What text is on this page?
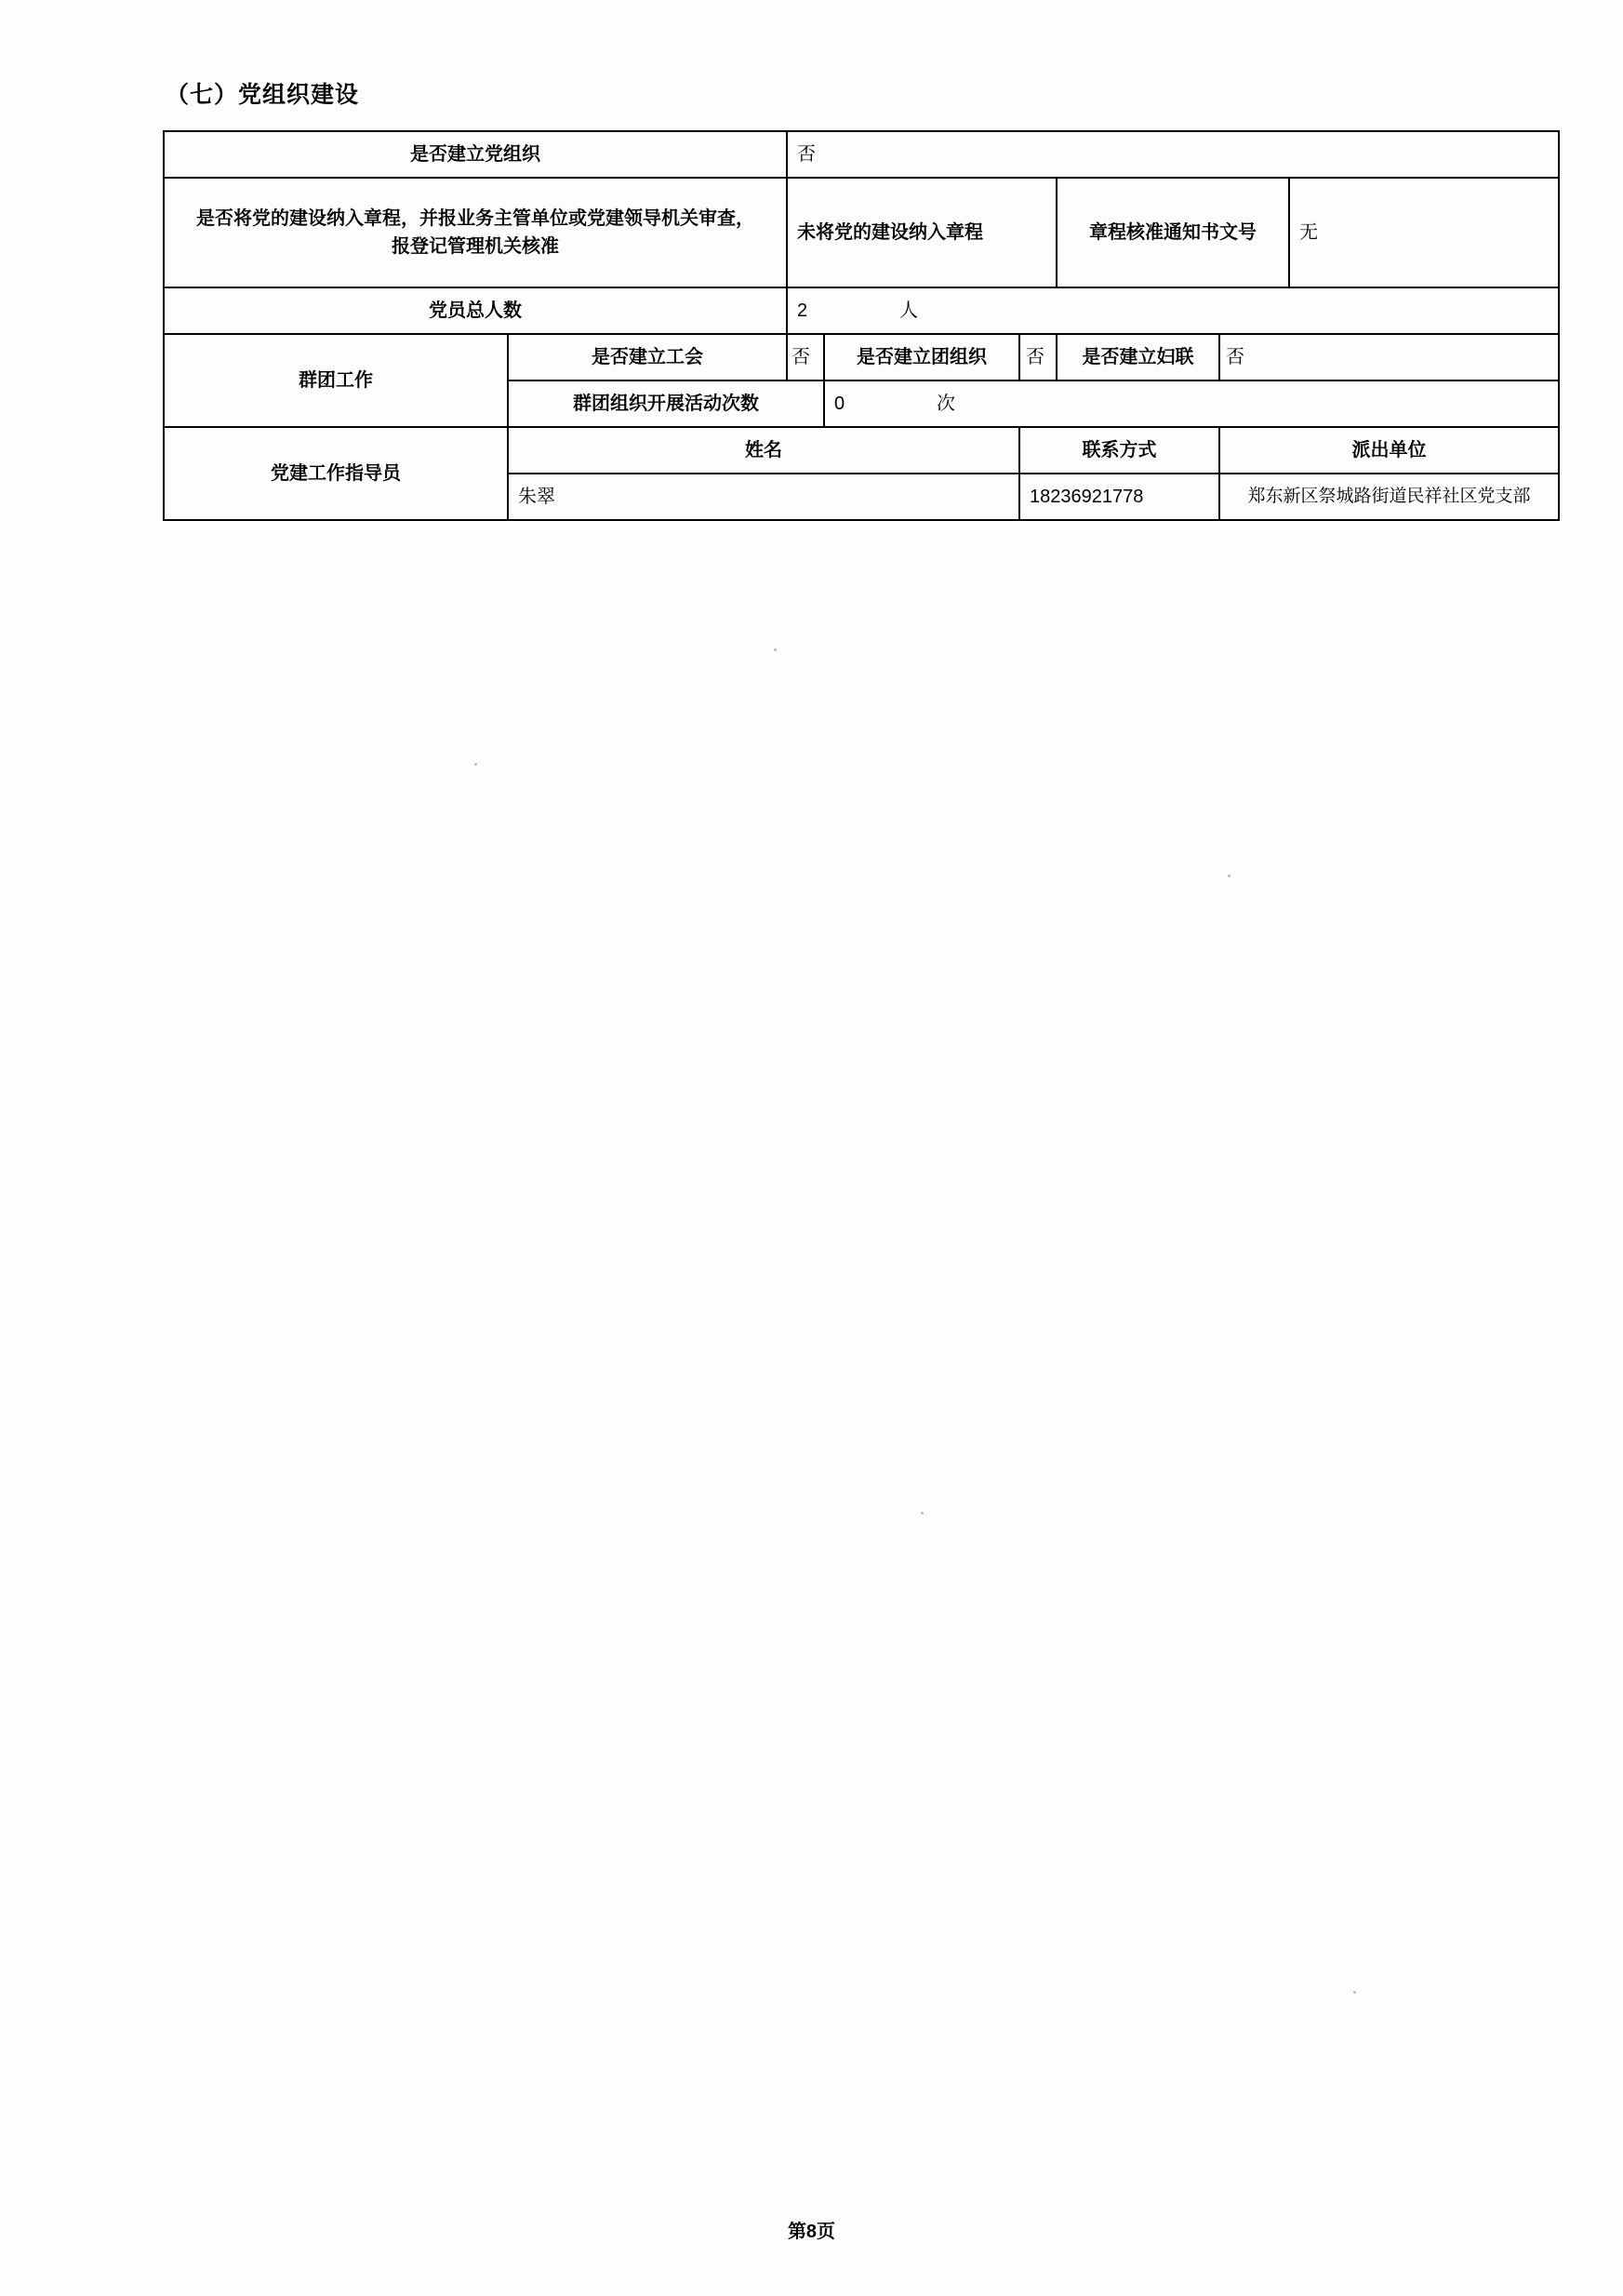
（七）党组织建设
是否建立党组织		否					
是否将党的建设纳入章程，并报业务主管单位或党建领导机关审查，报登记管理机关核准		未将党的建设纳入章程			章程核准通知书文号		无
党员总人数		2 人					
群团工作	是否建立工会	否	是否建立团组织	否	是否建立妇联	否	
	群团组织开展活动次数		0 次				
党建工作指导员	姓名			联系方式		派出单位	
	朱翠			18236921778		郑东新区祭城路街道民祥社区党支部	
第8页
